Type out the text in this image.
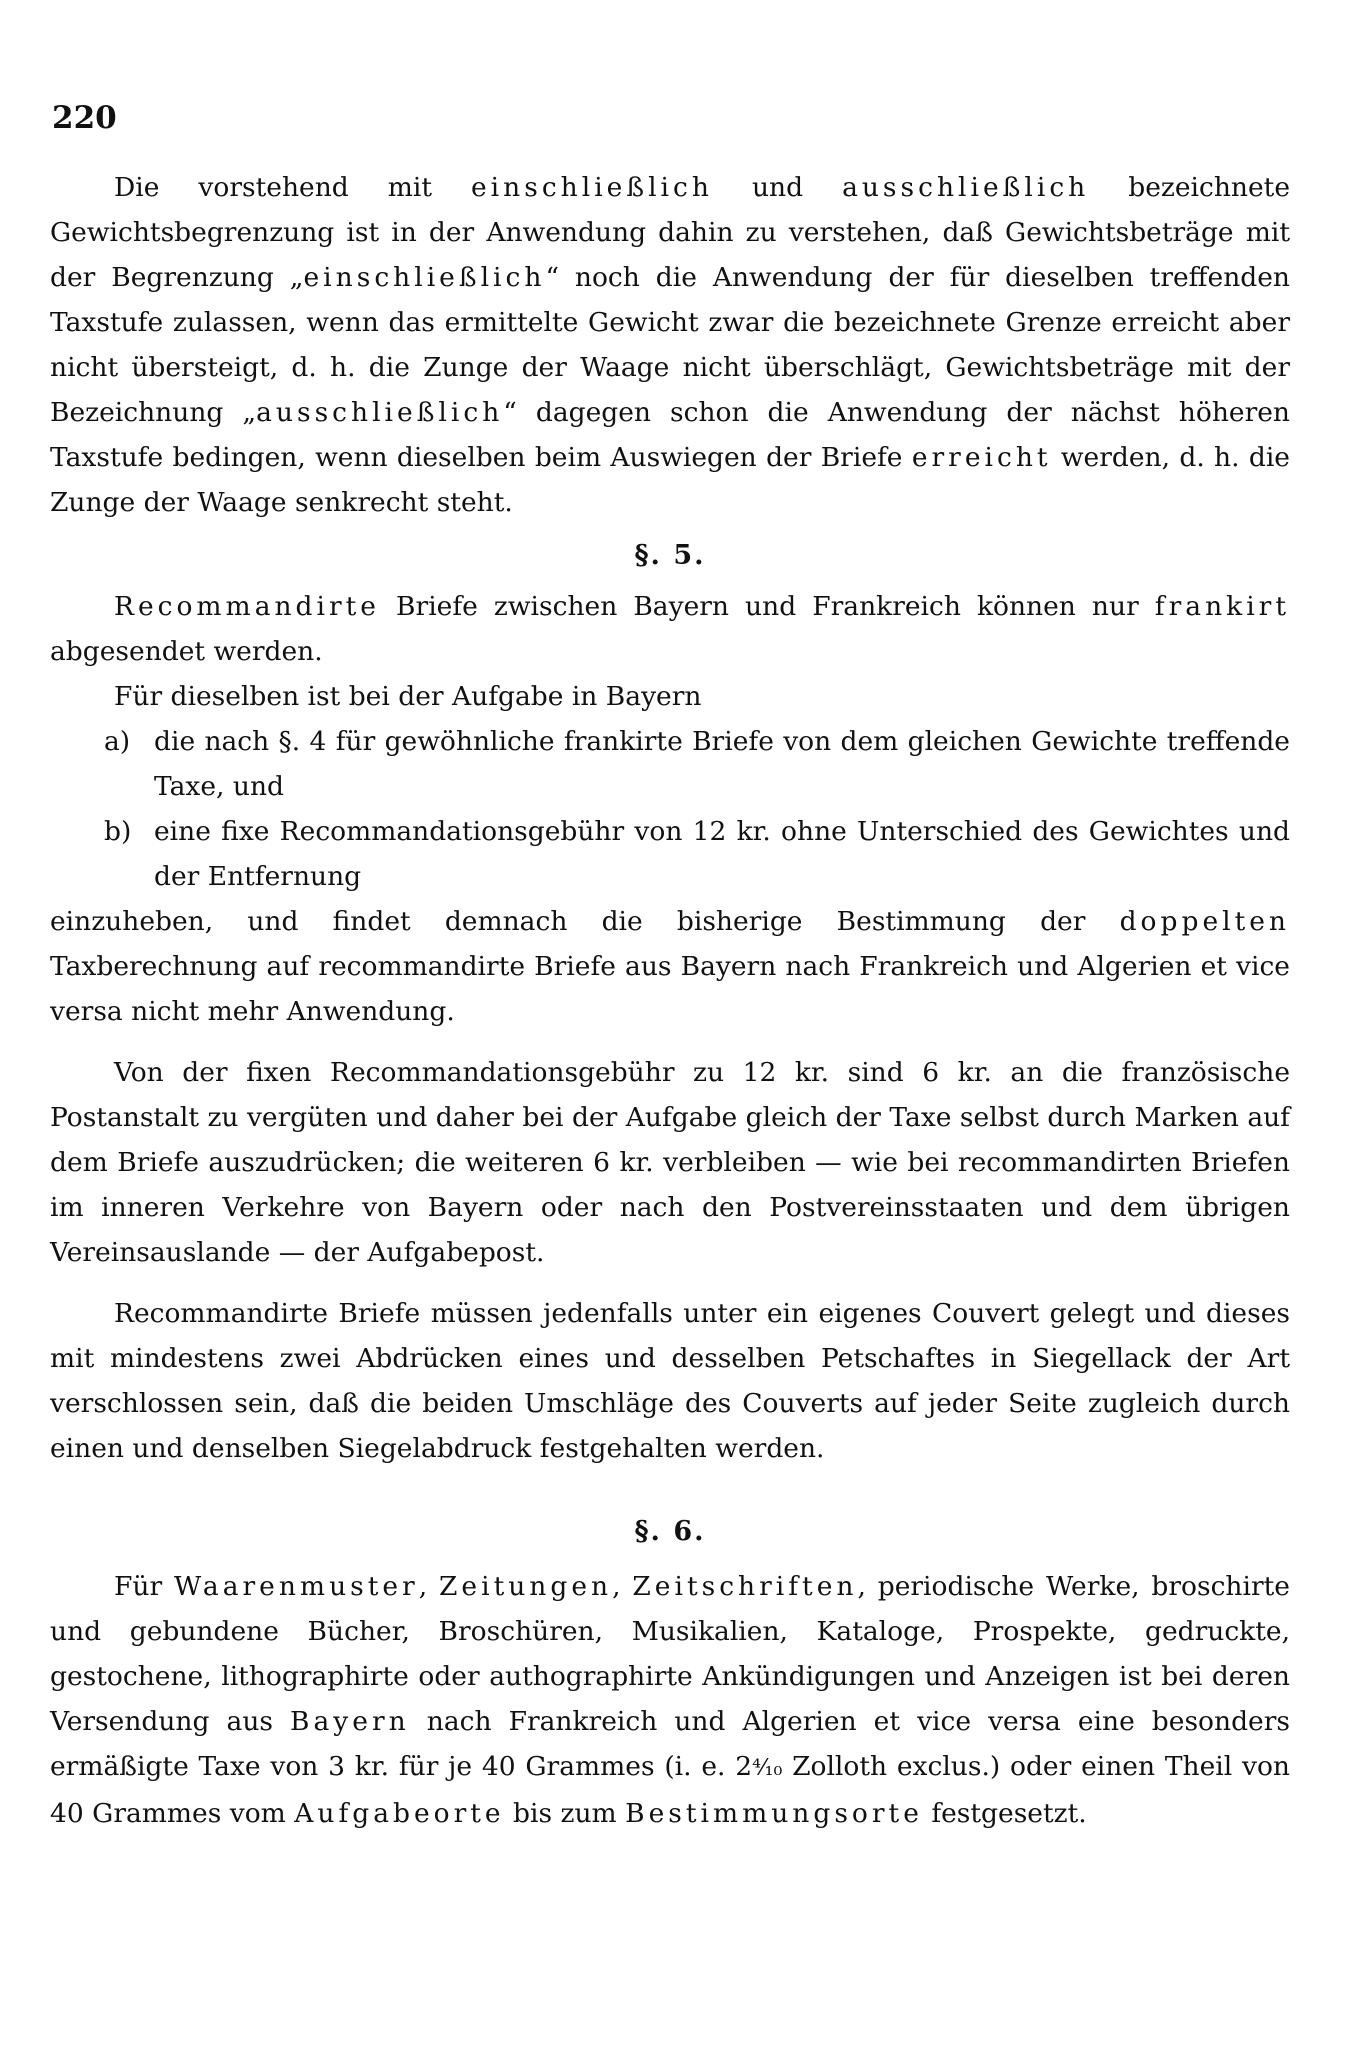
220

Die vorstehend mit einschließlich und ausschließlich bezeichnete Gewichtsbegrenzung ist in der Anwendung dahin zu verstehen, daß Gewichtsbeträge mit der Begrenzung „einschließlich“ noch die Anwendung der für dieselben treffenden Taxstufe zulassen, wenn das ermittelte Gewicht zwar die bezeichnete Grenze erreicht aber nicht übersteigt, d. h. die Zunge der Waage nicht überschlägt, Gewichtsbeträge mit der Bezeichnung „ausschließlich“ dagegen schon die Anwendung der nächst höheren Taxstufe bedingen, wenn dieselben beim Auswiegen der Briefe erreicht werden, d. h. die Zunge der Waage senkrecht steht.

§. 5.

Recommandirte Briefe zwischen Bayern und Frankreich können nur frankirt abgesendet werden.

Für dieselben ist bei der Aufgabe in Bayern

a) die nach §. 4 für gewöhnliche frankirte Briefe von dem gleichen Gewichte treffende Taxe, und
b) eine fixe Recommandationsgebühr von 12 kr. ohne Unterschied des Gewichtes und der Entfernung

einzuheben, und findet demnach die bisherige Bestimmung der doppelten Taxberechnung auf recommandirte Briefe aus Bayern nach Frankreich und Algerien et vice versa nicht mehr Anwendung.

Von der fixen Recommandationsgebühr zu 12 kr. sind 6 kr. an die französische Postanstalt zu vergüten und daher bei der Aufgabe gleich der Taxe selbst durch Marken auf dem Briefe auszudrücken; die weiteren 6 kr. verbleiben — wie bei recommandirten Briefen im inneren Verkehre von Bayern oder nach den Postvereinsstaaten und dem übrigen Vereinsauslande — der Aufgabepost.

Recommandirte Briefe müssen jedenfalls unter ein eigenes Couvert gelegt und dieses mit mindestens zwei Abdrücken eines und desselben Petschaftes in Siegellack der Art verschlossen sein, daß die beiden Umschläge des Couverts auf jeder Seite zugleich durch einen und denselben Siegelabdruck festgehalten werden.

§. 6.

Für Waarenmuster, Zeitungen, Zeitschriften, periodische Werke, broschirte und gebundene Bücher, Broschüren, Musikalien, Kataloge, Prospekte, gedruckte, gestochene, lithographirte oder authographirte Ankündigungen und Anzeigen ist bei deren Versendung aus Bayern nach Frankreich und Algerien et vice versa eine besonders ermäßigte Taxe von 3 kr. für je 40 Grammes (i. e. 2⁴⁄₁₀ Zolloth exclus.) oder einen Theil von 40 Grammes vom Aufgabeorte bis zum Bestimmungsorte festgesetzt.
